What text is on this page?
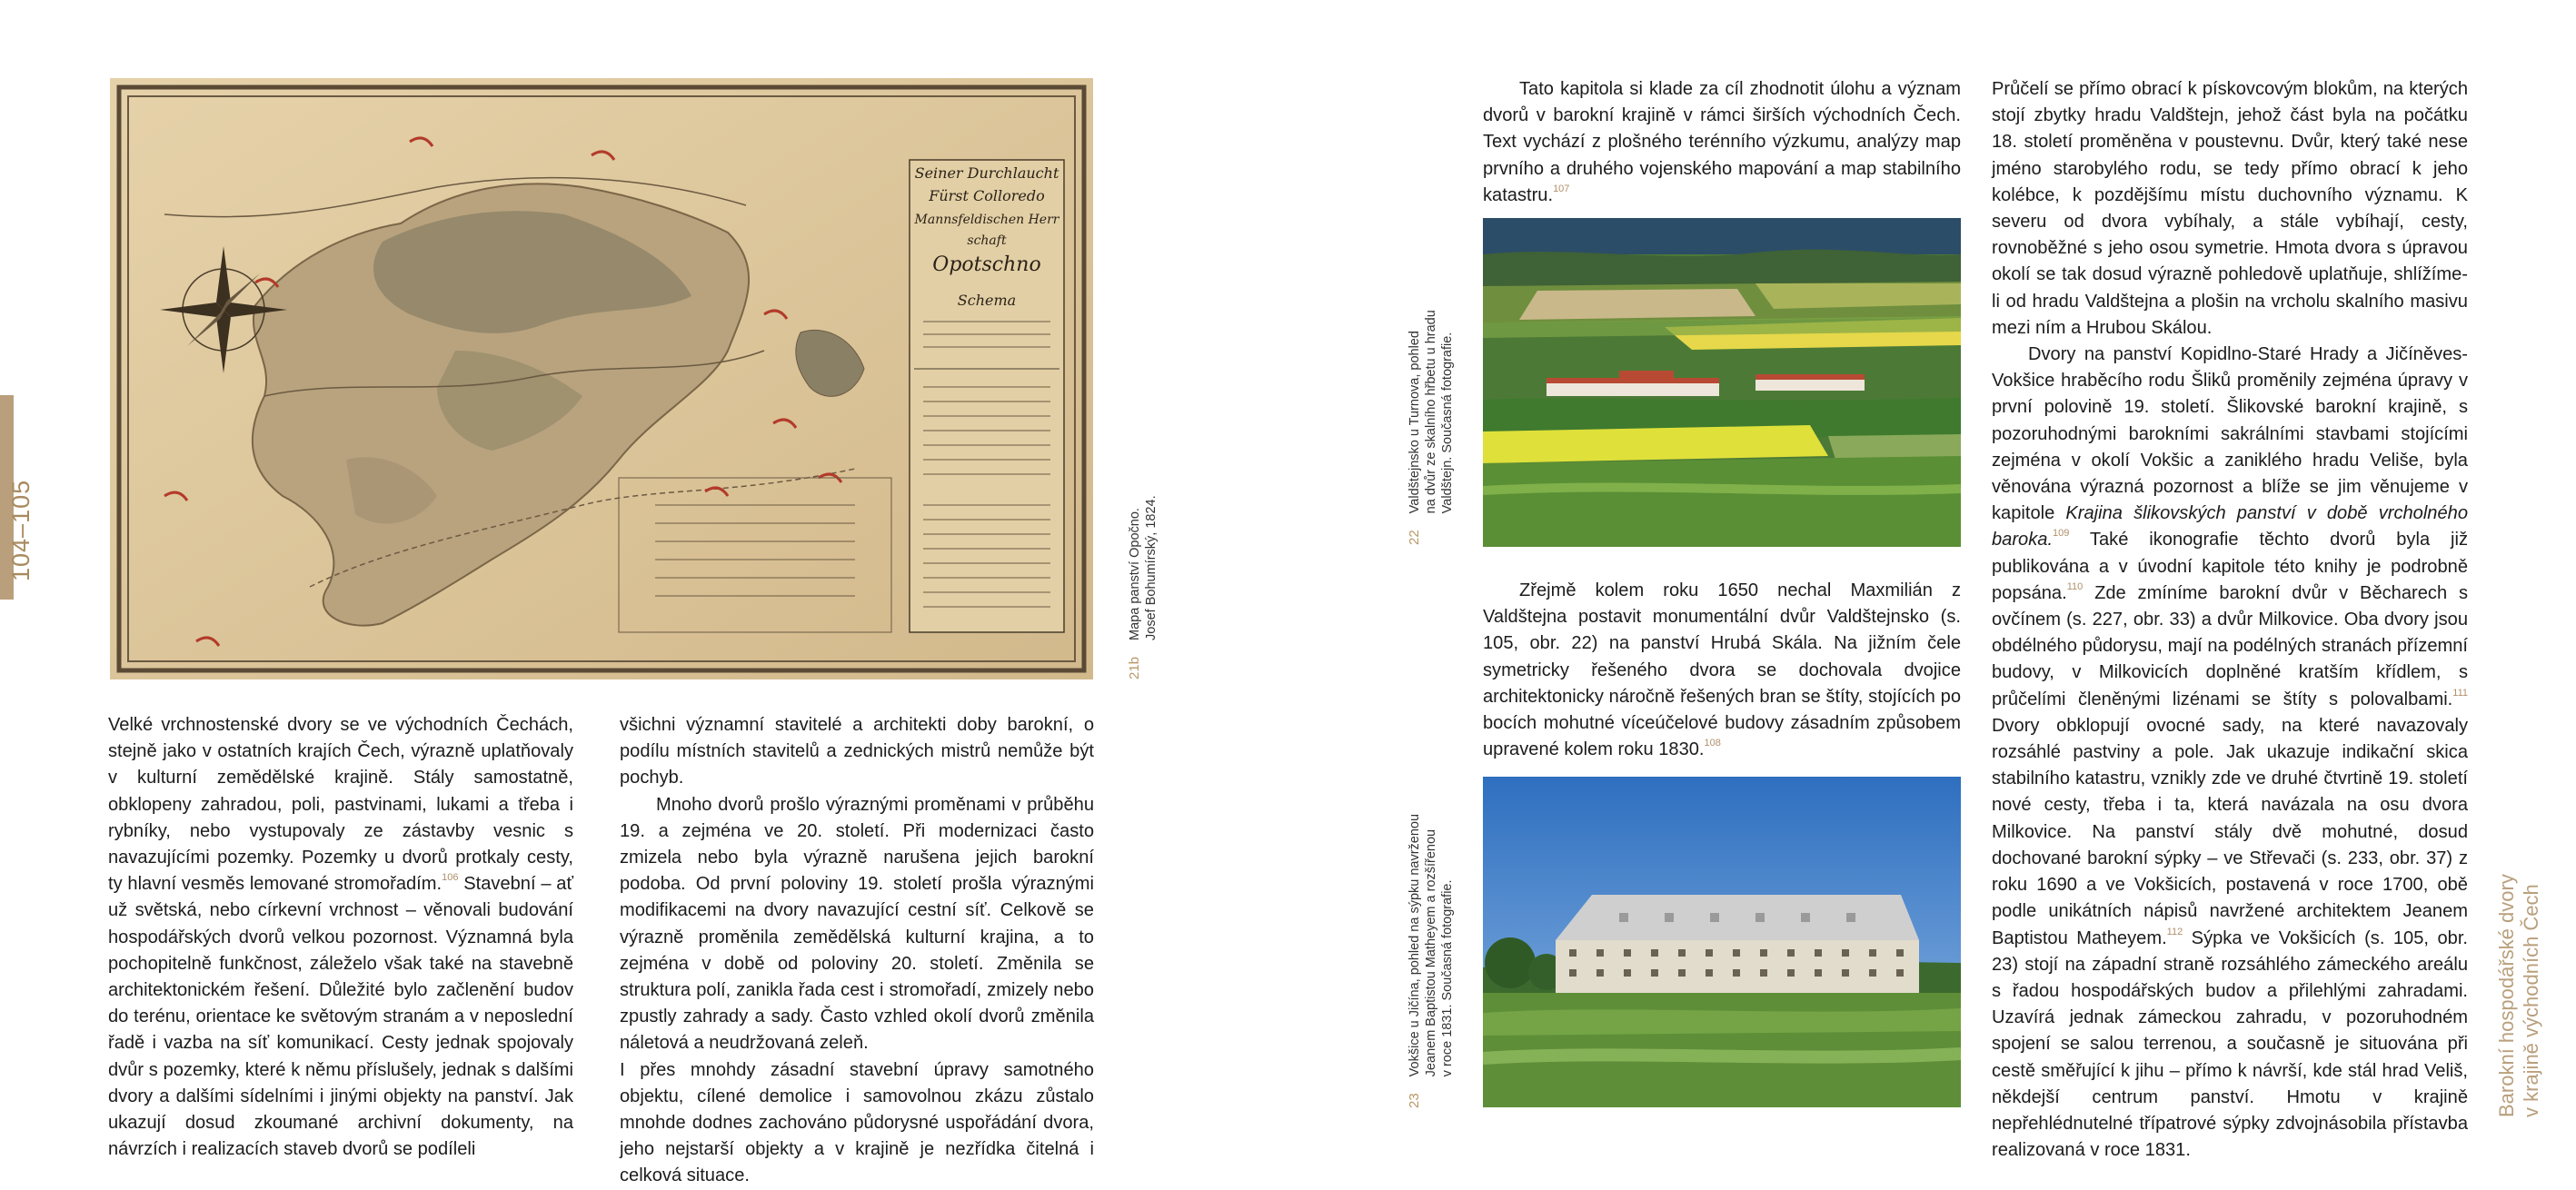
104–105
Seiner Durchlaucht
Fürst Colloredo
Mannsfeldischen Herr
schaft
Opotschno
Schema
21b
Mapa panství Opočno. Josef Bohumírský, 1824.

Velké vrchnostenské dvory se ve východních Čechách, stejně jako v ostatních krajích Čech, výrazně uplatňovaly v kulturní zemědělské krajině. Stály samostatně, obklopeny zahradou, poli, pastvinami, lukami a třeba i rybníky, nebo vystupovaly ze zástavby vesnic s navazujícími pozemky. Pozemky u dvorů protkaly cesty, ty hlavní vesměs lemované stromořadím.$^{106}$ Stavební – ať už světská, nebo církevní vrchnost – věnovali budování hospodářských dvorů velkou pozornost. Významná byla pochopitelně funkčnost, záleželo však také na stavebně architektonickém řešení. Důležité bylo začlenění budov do terénu, orientace ke světovým stranám a v neposlední řadě i vazba na síť komunikací. Cesty jednak spojovaly dvůr s pozemky, které k němu příslušely, jednak s dalšími dvory a dalšími sídelními i jinými objekty na panství. Jak ukazují dosud zkoumané archivní dokumenty, na návrzích i realizacích staveb dvorů se podíleli

všichni významní stavitelé a architekti doby barokní, o podílu místních stavitelů a zednických mistrů nemůže být pochyb.

Mnoho dvorů prošlo výraznými proměnami v průběhu 19. a zejména ve 20. století. Při modernizaci často zmizela nebo byla výrazně narušena jejich barokní podoba. Od první poloviny 19. století prošla výraznými modifikacemi na dvory navazující cestní síť. Celkově se výrazně proměnila zemědělská kulturní krajina, a to zejména v době od poloviny 20. století. Změnila se struktura polí, zanikla řada cest i stromořadí, zmizely nebo zpustly zahrady a sady. Často vzhled okolí dvorů změnila náletová a neudržovaná zeleň.

I přes mnohdy zásadní stavební úpravy samotného objektu, cílené demolice i samovolnou zkázu zůstalo mnohde dodnes zachováno půdorysné uspořádání dvora, jeho nejstarší objekty a v krajině je nezřídka čitelná i celková situace.

Barokní hospodářské dvory v krajině východních Čech
22
Valdštejnsko u Turnova, pohled na dvůr ze skalního hřbetu u hradu Valdštejn. Současná fotografie.
23
Vokšice u Jičína, pohled na sýpku navrženou Jeanem Baptistou Matheyem a rozšířenou v roce 1831. Současná fotografie.

Tato kapitola si klade za cíl zhodnotit úlohu a význam dvorů v barokní krajině v rámci širších východních Čech. Text vychází z plošného terénního výzkumu, analýzy map prvního a druhého vojenského mapování a map stabilního katastru.$^{107}$

Zřejmě kolem roku 1650 nechal Maxmilián z Valdštejna postavit monumentální dvůr Valdštejnsko (s. 105, obr. 22) na panství Hrubá Skála. Na jižním čele symetricky řešeného dvora se dochovala dvojice architektonicky náročně řešených bran se štíty, stojících po bocích mohutné víceúčelové budovy zásadním způsobem upravené kolem roku 1830.$^{108}$

Průčelí se přímo obrací k pískovcovým blokům, na kterých stojí zbytky hradu Valdštejn, jehož část byla na počátku 18. století proměněna v poustevnu. Dvůr, který také nese jméno starobylého rodu, se tedy přímo obrací k jeho kolébce, k pozdějšímu místu duchovního významu. K severu od dvora vybíhaly, a stále vybíhají, cesty, rovnoběžné s jeho osou symetrie. Hmota dvora s úpravou okolí se tak dosud výrazně pohledově uplatňuje, shlížíme-li od hradu Valdštejna a plošin na vrcholu skalního masivu mezi ním a Hrubou Skálou.

Dvory na panství Kopidlno-Staré Hrady a Jičíněves-Vokšice hraběcího rodu Šliků proměnily zejména úpravy v první polovině 19. století. Šlikovské barokní krajině, s pozoruhodnými barokními sakrálními stavbami stojícími zejména v okolí Vokšic a zaniklého hradu Veliše, byla věnována výrazná pozornost a blíže se jim věnujeme v kapitole Krajina šlikovských panství v době vrcholného baroka.$^{109}$ Také ikonografie těchto dvorů byla již publikována a v úvodní kapitole této knihy je podrobně popsána.$^{110}$ Zde zmíníme barokní dvůr v Běcharech s ovčínem (s. 227, obr. 33) a dvůr Milkovice. Oba dvory jsou obdélného půdorysu, mají na podélných stranách přízemní budovy, v Milkovicích doplněné kratším křídlem, s průčelími členěnými lizénami se štíty s polovalbami.$^{111}$ Dvory obklopují ovocné sady, na které navazovaly rozsáhlé pastviny a pole. Jak ukazuje indikační skica stabilního katastru, vznikly zde ve druhé čtvrtině 19. století nové cesty, třeba i ta, která navázala na osu dvora Milkovice. Na panství stály dvě mohutné, dosud dochované barokní sýpky – ve Střevači (s. 233, obr. 37) z roku 1690 a ve Vokšicích, postavená v roce 1700, obě podle unikátních nápisů navržené architektem Jeanem Baptistou Matheyem.$^{112}$ Sýpka ve Vokšicích (s. 105, obr. 23) stojí na západní straně rozsáhlého zámeckého areálu s řadou hospodářských budov a přilehlými zahradami. Uzavírá jednak zámeckou zahradu, v pozoruhodném spojení se salou terrenou, a současně je situována při cestě směřující k jihu – přímo k návrší, kde stál hrad Veliš, někdejší centrum panství. Hmotu v krajině nepřehlédnutelné třípatrové sýpky zdvojnásobila přístavba realizovaná v roce 1831.
